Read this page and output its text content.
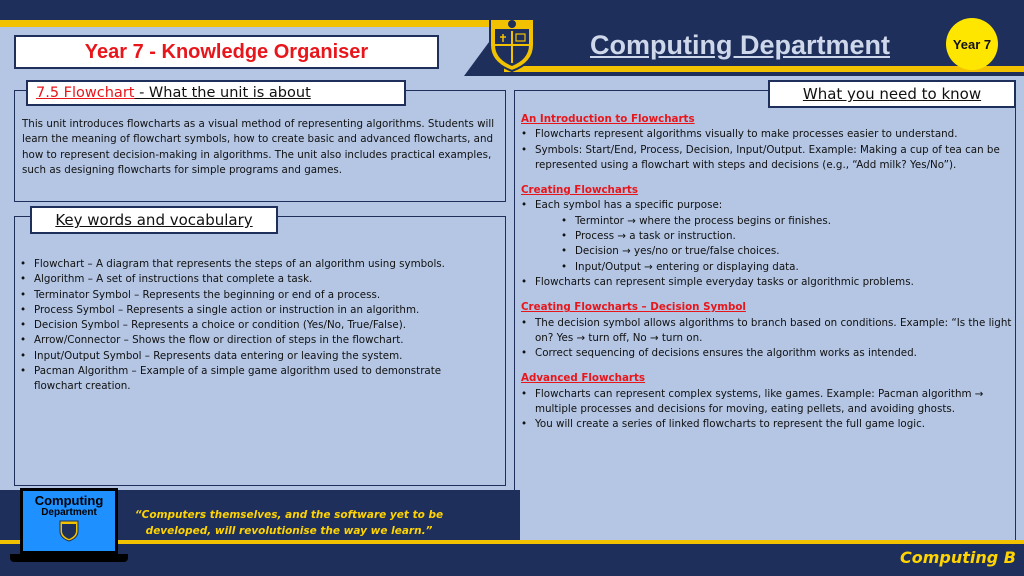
Year 7 - Knowledge Organiser	Computing Department	Year 7
7.5 Flowchart - What the unit is about
This unit introduces flowcharts as a visual method of representing algorithms. Students will learn the meaning of flowchart symbols, how to create basic and advanced flowcharts, and how to represent decision-making in algorithms. The unit also includes practical examples, such as designing flowcharts for simple programs and games.
Key words and vocabulary
• Flowchart – A diagram that represents the steps of an algorithm using symbols.
• Algorithm – A set of instructions that complete a task.
• Terminator Symbol – Represents the beginning or end of a process.
• Process Symbol – Represents a single action or instruction in an algorithm.
• Decision Symbol – Represents a choice or condition (Yes/No, True/False).
• Arrow/Connector – Shows the flow or direction of steps in the flowchart.
• Input/Output Symbol – Represents data entering or leaving the system.
• Pacman Algorithm – Example of a simple game algorithm used to demonstrate flowchart creation.
What you need to know
An Introduction to Flowcharts
• Flowcharts represent algorithms visually to make processes easier to understand.
• Symbols: Start/End, Process, Decision, Input/Output. Example: Making a cup of tea can be represented using a flowchart with steps and decisions (e.g., “Add milk? Yes/No”).
Creating Flowcharts
• Each symbol has a specific purpose:
• Termintor → where the process begins or finishes.
• Process → a task or instruction.
• Decision → yes/no or true/false choices.
• Input/Output → entering or displaying data.
• Flowcharts can represent simple everyday tasks or algorithmic problems.
Creating Flowcharts – Decision Symbol
• The decision symbol allows algorithms to branch based on conditions. Example: “Is the light on? Yes → turn off, No → turn on.
• Correct sequencing of decisions ensures the algorithm works as intended.
Advanced Flowcharts
• Flowcharts can represent complex systems, like games. Example: Pacman algorithm → multiple processes and decisions for moving, eating pellets, and avoiding ghosts.
• You will create a series of linked flowcharts to represent the full game logic.
Computing
Department	“Computers themselves, and the software yet to be developed, will revolutionise the way we learn.”
Computing B
